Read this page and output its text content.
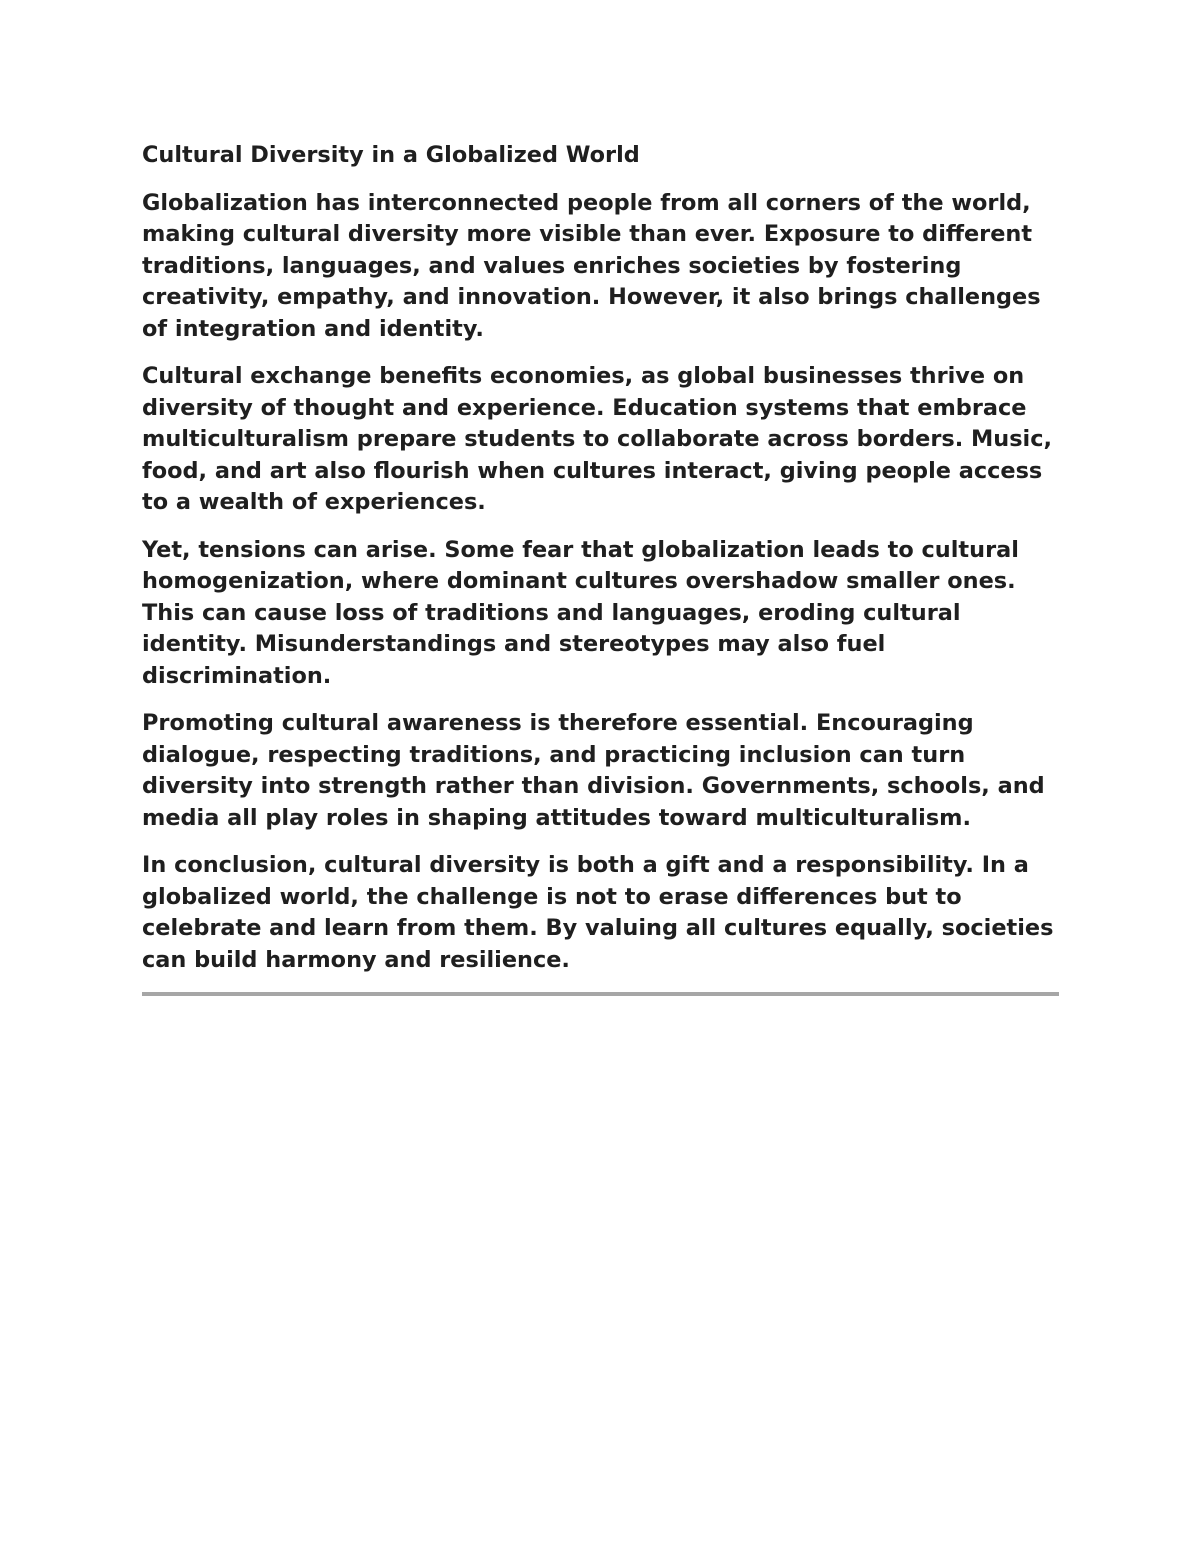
Cultural Diversity in a Globalized World

Globalization has interconnected people from all corners of the world, making cultural diversity more visible than ever. Exposure to different traditions, languages, and values enriches societies by fostering creativity, empathy, and innovation. However, it also brings challenges of integration and identity.

Cultural exchange benefits economies, as global businesses thrive on diversity of thought and experience. Education systems that embrace multiculturalism prepare students to collaborate across borders. Music, food, and art also flourish when cultures interact, giving people access to a wealth of experiences.

Yet, tensions can arise. Some fear that globalization leads to cultural homogenization, where dominant cultures overshadow smaller ones. This can cause loss of traditions and languages, eroding cultural identity. Misunderstandings and stereotypes may also fuel discrimination.

Promoting cultural awareness is therefore essential. Encouraging dialogue, respecting traditions, and practicing inclusion can turn diversity into strength rather than division. Governments, schools, and media all play roles in shaping attitudes toward multiculturalism.

In conclusion, cultural diversity is both a gift and a responsibility. In a globalized world, the challenge is not to erase differences but to celebrate and learn from them. By valuing all cultures equally, societies can build harmony and resilience.
